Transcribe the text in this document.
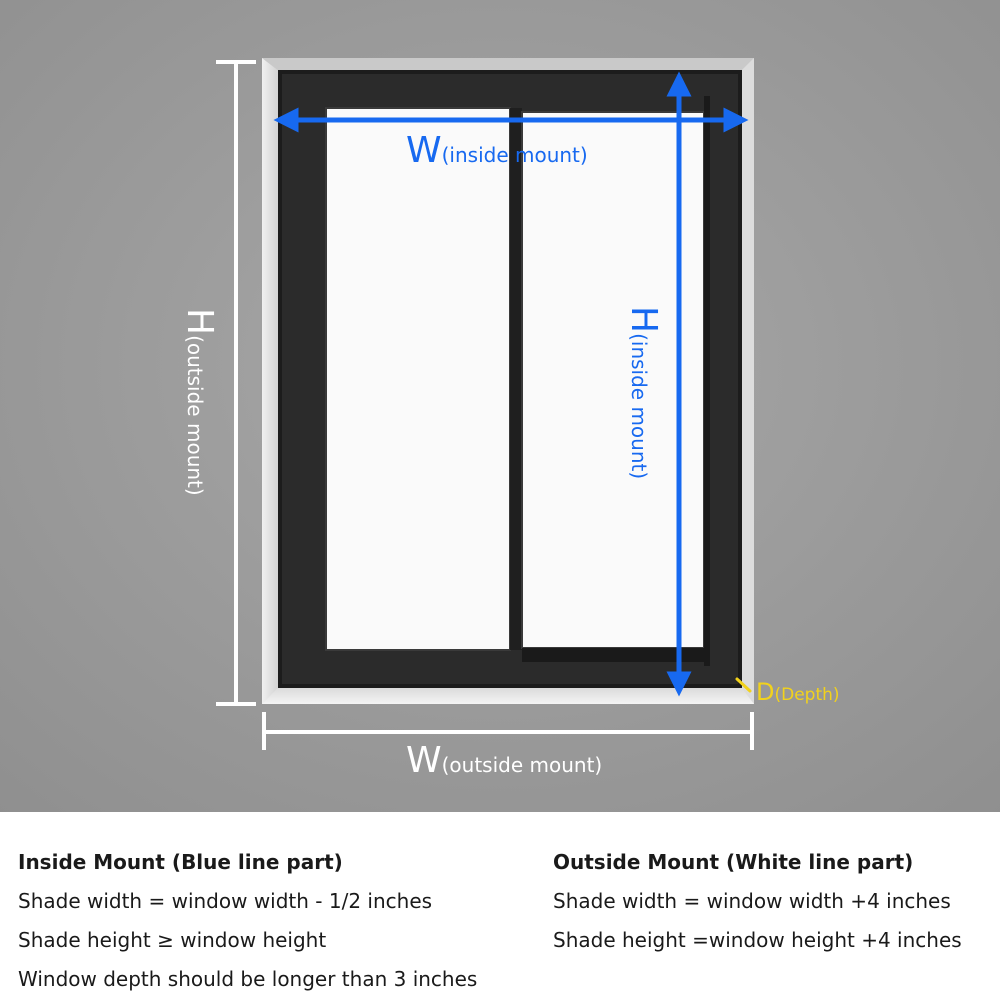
W(inside mount)
H(inside mount)
H(outside mount)
W(outside mount)
D(Depth)
Inside Mount (Blue line part)
Shade width = window width - 1/2 inches
Shade height ≥ window height
Window depth should be longer than 3 inches
Outside Mount (White line part)
Shade width = window width +4 inches
Shade height =window height +4 inches
